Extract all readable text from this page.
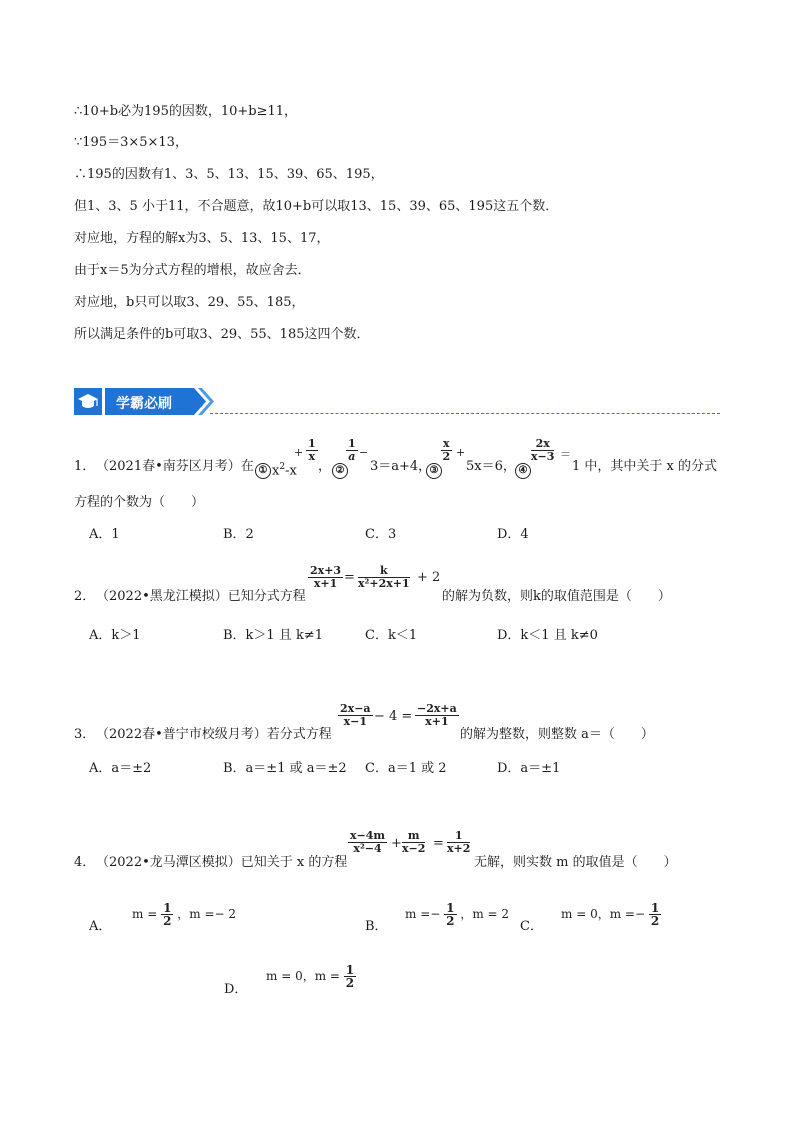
∴10+b必为195的因数，10+b≥11，
∵195＝3×5×13，
∴195的因数有1、3、5、13、15、39、65、195，
但1、3、5 小于11，不合题意，故10+b可以取13、15、39、65、195这五个数．
对应地，方程的解x为3、5、13、15、17，
由于x＝5为分式方程的增根，故应舍去．
对应地，b只可以取3、29、55、185，
所以满足条件的b可取3、29、55、185这四个数．
学霸必刷
1． （2021春•南芬区月考）在 ① $x^2-x$
+ $\frac{1}{x}$
， ②
$\frac{1}{a}$ −
3＝a+4，
③
$\frac{x}{2}$ +
5x＝6， ④
$\frac{2x}{x-3}$ ＝
1 中，其中关于 x 的分式
方程的个数为（　　）
A．1	B．2	C．3	D．4
2． （2022•黑龙江模拟）已知分式方程
$\frac{2x+3}{x+1} = \frac{k}{\text{x²+2x+1}} + 2$
的解为负数，则k的取值范围是（　　）
A．k＞1	B．k＞1 且 k≠1	C．k＜1	D．k＜1 且 k≠0
3． （2022春•普宁市校级月考）若分式方程
$\frac{2x-a}{x-1} - 4 = \frac{-2x+a}{x+1}$
的解为整数，则整数 a＝（　　）
A．a＝±2	B．a＝±1 或 a＝±2 C．a＝1 或 2	D．a＝±1
4． （2022•龙马潭区模拟）已知关于 x 的方程
$\frac{x-4m}{\text{x²−4}} + \frac{m}{x-2} = \frac{1}{x+2}$
无解，则实数 m 的取值是（　　）
A．
$m = \frac{1}{2}$ ，m =− 2
B．
$m =- \frac{1}{2}$ ，m = 2
C．
m = 0，$m =- \frac{1}{2}$
D．
m = 0，$m = \frac{1}{2}$
